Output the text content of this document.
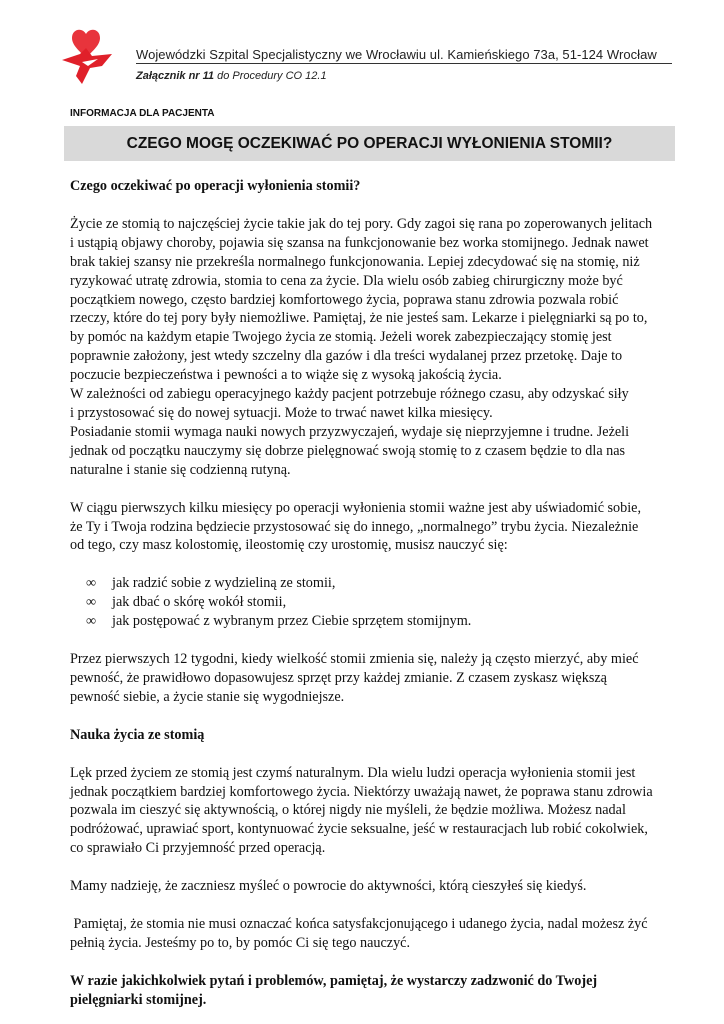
Wojewódzki Szpital Specjalistyczny we Wrocławiu ul. Kamieńskiego 73a, 51-124 Wrocław
Załącznik nr 11 do Procedury CO 12.1
INFORMACJA DLA PACJENTA
CZEGO MOGĘ OCZEKIWAĆ PO OPERACJI WYŁONIENIA STOMII?

Czego oczekiwać po operacji wyłonienia stomii?

Życie ze stomią to najczęściej życie takie jak do tej pory. Gdy zagoi się rana po zoperowanych jelitach

i ustąpią objawy choroby, pojawia się szansa na funkcjonowanie bez worka stomijnego. Jednak nawet

brak takiej szansy nie przekreśla normalnego funkcjonowania. Lepiej zdecydować się na stomię, niż

ryzykować utratę zdrowia, stomia to cena za życie. Dla wielu osób zabieg chirurgiczny może być

początkiem nowego, często bardziej komfortowego życia, poprawa stanu zdrowia pozwala robić

rzeczy, które do tej pory były niemożliwe. Pamiętaj, że nie jesteś sam. Lekarze i pielęgniarki są po to,

by pomóc na każdym etapie Twojego życia ze stomią. Jeżeli worek zabezpieczający stomię jest

poprawnie założony, jest wtedy szczelny dla gazów i dla treści wydalanej przez przetokę. Daje to

poczucie bezpieczeństwa i pewności a to wiąże się z wysoką jakością życia.

W zależności od zabiegu operacyjnego każdy pacjent potrzebuje różnego czasu, aby odzyskać siły

i przystosować się do nowej sytuacji. Może to trwać nawet kilka miesięcy.

Posiadanie stomii wymaga nauki nowych przyzwyczajeń, wydaje się nieprzyjemne i trudne. Jeżeli

jednak od początku nauczymy się dobrze pielęgnować swoją stomię to z czasem będzie to dla nas

naturalne i stanie się codzienną rutyną.

W ciągu pierwszych kilku miesięcy po operacji wyłonienia stomii ważne jest aby uświadomić sobie,

że Ty i Twoja rodzina będziecie przystosować się do innego, „normalnego” trybu życia. Niezależnie

od tego, czy masz kolostomię, ileostomię czy urostomię, musisz nauczyć się:

∞ jak radzić sobie z wydzieliną ze stomii,
∞ jak dbać o skórę wokół stomii,
∞ jak postępować z wybranym przez Ciebie sprzętem stomijnym.

Przez pierwszych 12 tygodni, kiedy wielkość stomii zmienia się, należy ją często mierzyć, aby mieć

pewność, że prawidłowo dopasowujesz sprzęt przy każdej zmianie. Z czasem zyskasz większą

pewność siebie, a życie stanie się wygodniejsze.

Nauka życia ze stomią

Lęk przed życiem ze stomią jest czymś naturalnym. Dla wielu ludzi operacja wyłonienia stomii jest

jednak początkiem bardziej komfortowego życia. Niektórzy uważają nawet, że poprawa stanu zdrowia

pozwala im cieszyć się aktywnością, o której nigdy nie myśleli, że będzie możliwa. Możesz nadal

podróżować, uprawiać sport, kontynuować życie seksualne, jeść w restauracjach lub robić cokolwiek,

co sprawiało Ci przyjemność przed operacją.

Mamy nadzieję, że zaczniesz myśleć o powrocie do aktywności, którą cieszyłeś się kiedyś.

Pamiętaj, że stomia nie musi oznaczać końca satysfakcjonującego i udanego życia, nadal możesz żyć

pełnią życia. Jesteśmy po to, by pomóc Ci się tego nauczyć.

W razie jakichkolwiek pytań i problemów, pamiętaj, że wystarczy zadzwonić do Twojej

pielęgniarki stomijnej.
